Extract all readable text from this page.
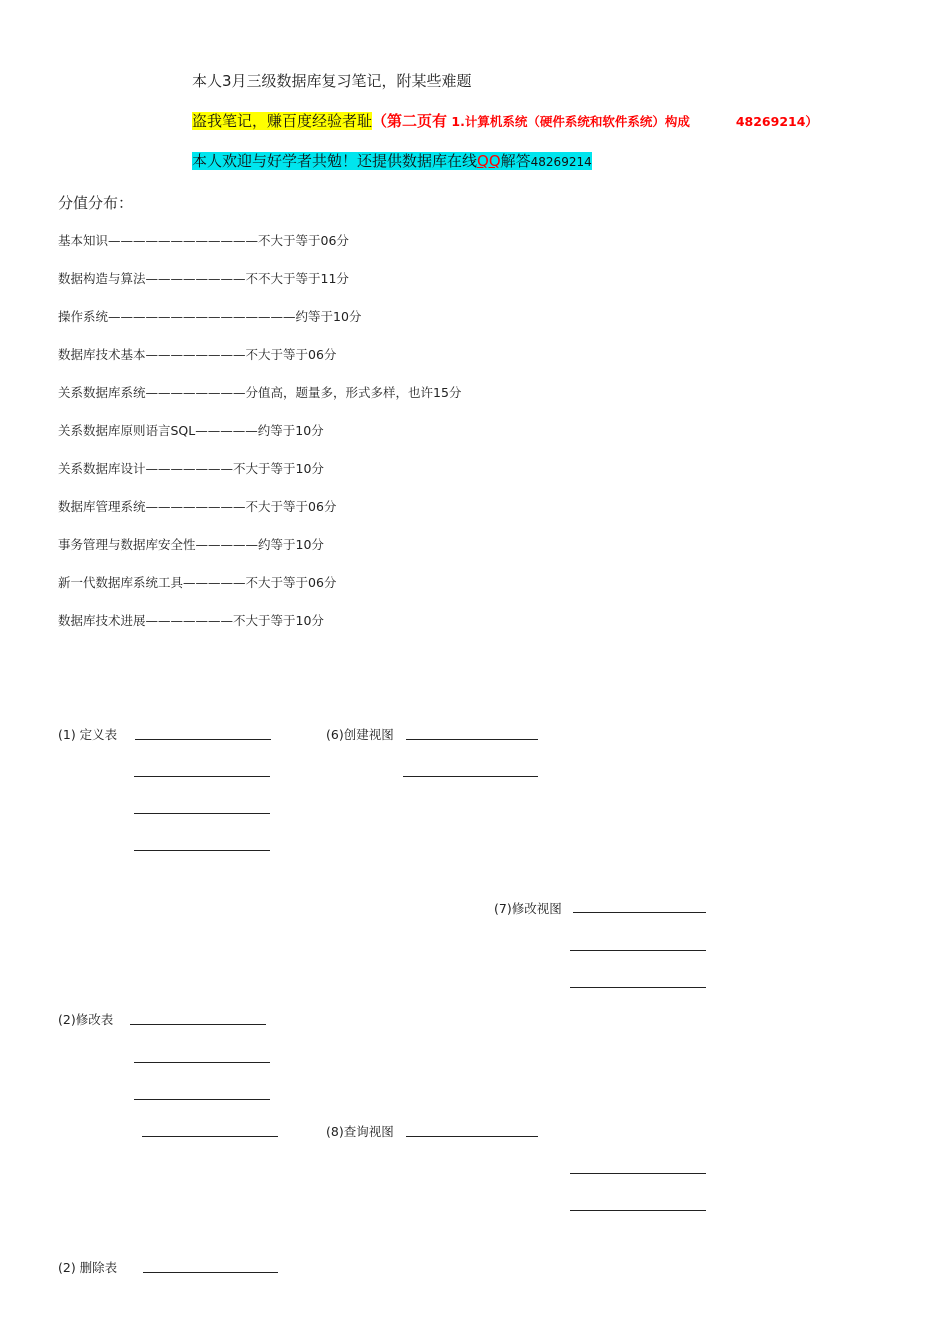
本人3月三级数据库复习笔记，附某些难题
盗我笔记，赚百度经验者耻（第二页有 1.计算机系统（硬件系统和软件系统）构成	48269214）
本人欢迎与好学者共勉！还提供数据库在线QQ解答48269214
分值分布：
基本知识————————————不大于等于06分
数据构造与算法————————不不大于等于11分
操作系统———————————————约等于10分
数据库技术基本————————不大于等于06分
关系数据库系统————————分值高，题量多，形式多样，也许15分
关系数据库原则语言SQL—————约等于10分
关系数据库设计———————不大于等于10分
数据库管理系统————————不大于等于06分
事务管理与数据库安全性—————约等于10分
新一代数据库系统工具—————不大于等于06分
数据库技术进展———————不大于等于10分
(1) 定义表	(6)创建视图
(7)修改视图
(2)修改表
(8)查询视图
(2) 删除表
